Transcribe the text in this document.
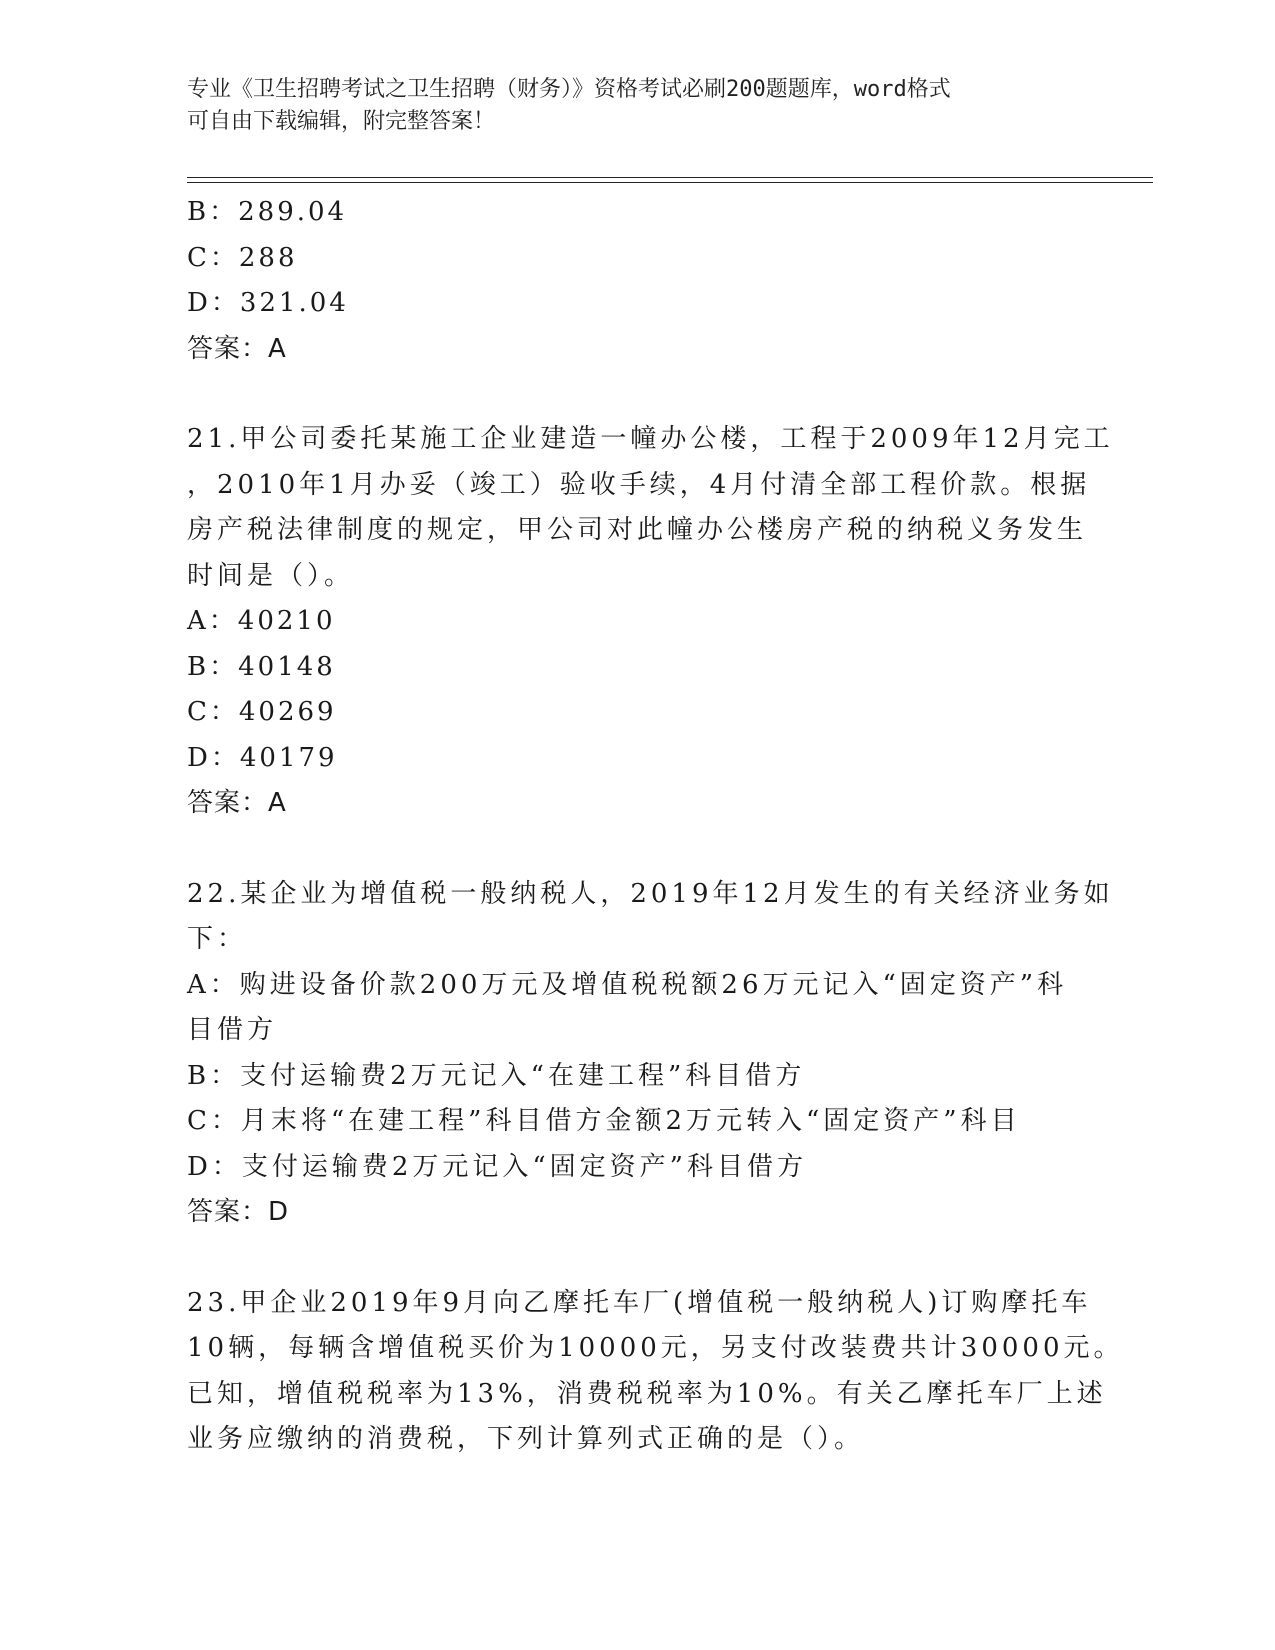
专业《卫生招聘考试之卫生招聘（财务）》资格考试必刷200题题库，word格式
可自由下载编辑，附完整答案！
B：289.04
C：288
D：321.04
答案：A
21.甲公司委托某施工企业建造一幢办公楼，工程于2009年12月完工
，2010年1月办妥（竣工）验收手续，4月付清全部工程价款。根据
房产税法律制度的规定，甲公司对此幢办公楼房产税的纳税义务发生
时间是（）。
A：40210
B：40148
C：40269
D：40179
答案：A
22.某企业为增值税一般纳税人，2019年12月发生的有关经济业务如
下：
A：购进设备价款200万元及增值税税额26万元记入“固定资产”科
目借方
B：支付运输费2万元记入“在建工程”科目借方
C：月末将“在建工程”科目借方金额2万元转入“固定资产”科目
D：支付运输费2万元记入“固定资产”科目借方
答案：D
23.甲企业2019年9月向乙摩托车厂(增值税一般纳税人)订购摩托车
10辆，每辆含增值税买价为10000元，另支付改装费共计30000元。
已知，增值税税率为13%，消费税税率为10%。有关乙摩托车厂上述
业务应缴纳的消费税，下列计算列式正确的是（）。
